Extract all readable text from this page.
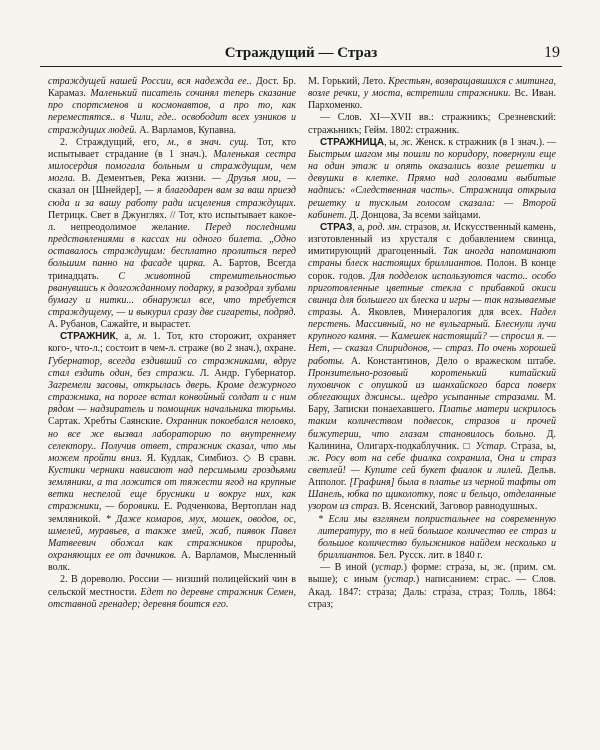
Страждущий — Страз	19

страждущей нашей России, вся надежда ее.. Дост. Бр. Карамаз. Маленький писатель сочинял теперь сказание про спортсменов и космонавтов, а про то, как переместятся.. в Чили, где.. освободит всех узников и страждущих людей. А. Варламов, Купавна.

2. Страждущий, его, м., в знач. сущ. Тот, кто испытывает страдание (в 1 знач.). Маленькая сестра милосердия помогала больным и страждущим, чем могла. В. Дементьев, Река жизни. — Друзья мои, — сказал он [Шнейдер], — я благодарен вам за ваш приезд сюда и за вашу работу ради исцеления страждущих. Петрицк. Свет в Джунглях. // Тот, кто испытывает какое-л. непреодолимое желание. Перед последними представлениями в кассах ни одного билета. „Одно оставалось страждущим: бесплатно пролиться перед большим панно на фасаде цирка. А. Бартов, Всегда тринадцать. С животной стремительностью рванувшись к долгожданному подарку, я разодрал зубами бумагу и нитки... обнаружил все, что требуется страждущему, — и выкурил сразу две сигареты, подряд. А. Рубанов, Сажайте, и вырастет.

СТРАЖНИК, а, м. 1. Тот, кто сторожит, охраняет кого-, что-л.; состоит в чем-л. страже (во 2 знач.), охране. Губернатор, всегда ездивший со стражниками, вдруг стал ездить один, без стражи. Л. Андр. Губернатор. Загремели засовы, открылась дверь. Кроме дежурного стражника, на пороге встал конвойный солдат и с ним рядом — надзиратель и помощник начальника тюрьмы. Сартак. Хребты Саянские. Охранник покоебался неловко, но все же вызвал лабораторию по внутреннему селектору.. Получив ответ, стражник сказал, что мы можем пройти вниз. Я. Кудлак, Симбиоз. ◇ В сравн. Кустики черники нависают над персимыми гроздьями земляники, а та ложится от тяжести ягод на крупные ветки неспелой еще брусники и вокруг них, как стражники, — боровики. Е. Родченкова, Вертоплан над земляникой. * Даже комаров, мух, мошек, оводов, ос, шмелей, муравьев, а также змей, жаб, пиявок Павел Матвеевич обожал как стражников природы, охраняющих ее от дачников. А. Варламов, Мысленный волк.

2. В дореволю. России — низший полицейский чин в сельской местности. Едет по деревне стражник Семен, отставной гренадер; деревня боится его.

М. Горький, Лето. Крестьян, возвращавшихся с митинга, возле речки, у моста, встретили стражники. Вс. Иван. Пархоменко.

— Слов. XI—XVII вв.: стражникъ; Срезневский: стражьникъ; Гейм. 1802: стражник.

СТРАЖНИЦА, ы, ж. Женск. к стражник (в 1 знач.). — Быстрым шагом мы пошли по коридору, повернули еще на один этаж и опять оказались возле решетки и девушки в клетке. Прямо над головами выбитые надпись: «Следственная часть». Стражница открыла решетку и тусклым голосом сказала: — Второй кабинет. Д. Донцова, За всеми зайцами.

СТРАЗ, а, род. мн. стра́зов, м. Искусственный камень, изготовленный из хрусталя с добавлением свинца, имитирующий драгоценный. Так иногда напоминают страны блеск настоящих бриллиантов. Полон. В конце сорок. годов. Для подделок используются часто.. особо приготовленные цветные стекла с прибавкой окиси свинца для большего их блеска и игры — так называемые стразы. А. Яковлев, Минералогия для всех. Надел перстень. Массивный, но не вульгарный. Блеснули лучи крупного камня. — Камешек настоящий? — спросил я. — Нет, — сказал Спиридонов, — страз. По очень хорошей работы. А. Константинов, Дело о вражеском штабе. Пронзительно-розовый коротенький китайский пуховичок с опушкой из шанхайского барса поверх облегающих джинсы.. щедро усыпанные стразами. М. Бару, Записки понаехавшего. Платье матери искрилось таким количеством подвесок, стразов и прочей бижутерии, что глазам становилось больно. Д. Калинина, Олигарх-подкаблучник. □ Устар. Стра́за, ы, ж. Росу вот на себе фиалка сохранила, Она и страз светлей! — Купите сей букет фиалок и лилей. Дельв. Апполог. [Графиня] была в платье из черной тафты от Шанель, юбка по щиколотку, пояс и бельцо, отделанные узором из страз. В. Ясенский, Заговор равнодушных.

* Если мы взглянем попристальнее на современную литературу, то в ней большое количество ее страз и большое количество булыжников найдем несколько и бриллиантов. Бел. Русск. лит. в 1840 г.

— В иной (устар.) форме: стра́за, ы, ж. (прим. см. выше); с иным (устар.) написанием: страс. — Слов. Акад. 1847: стра́за; Даль: стра́за, страз; Толль, 1864: страз;
